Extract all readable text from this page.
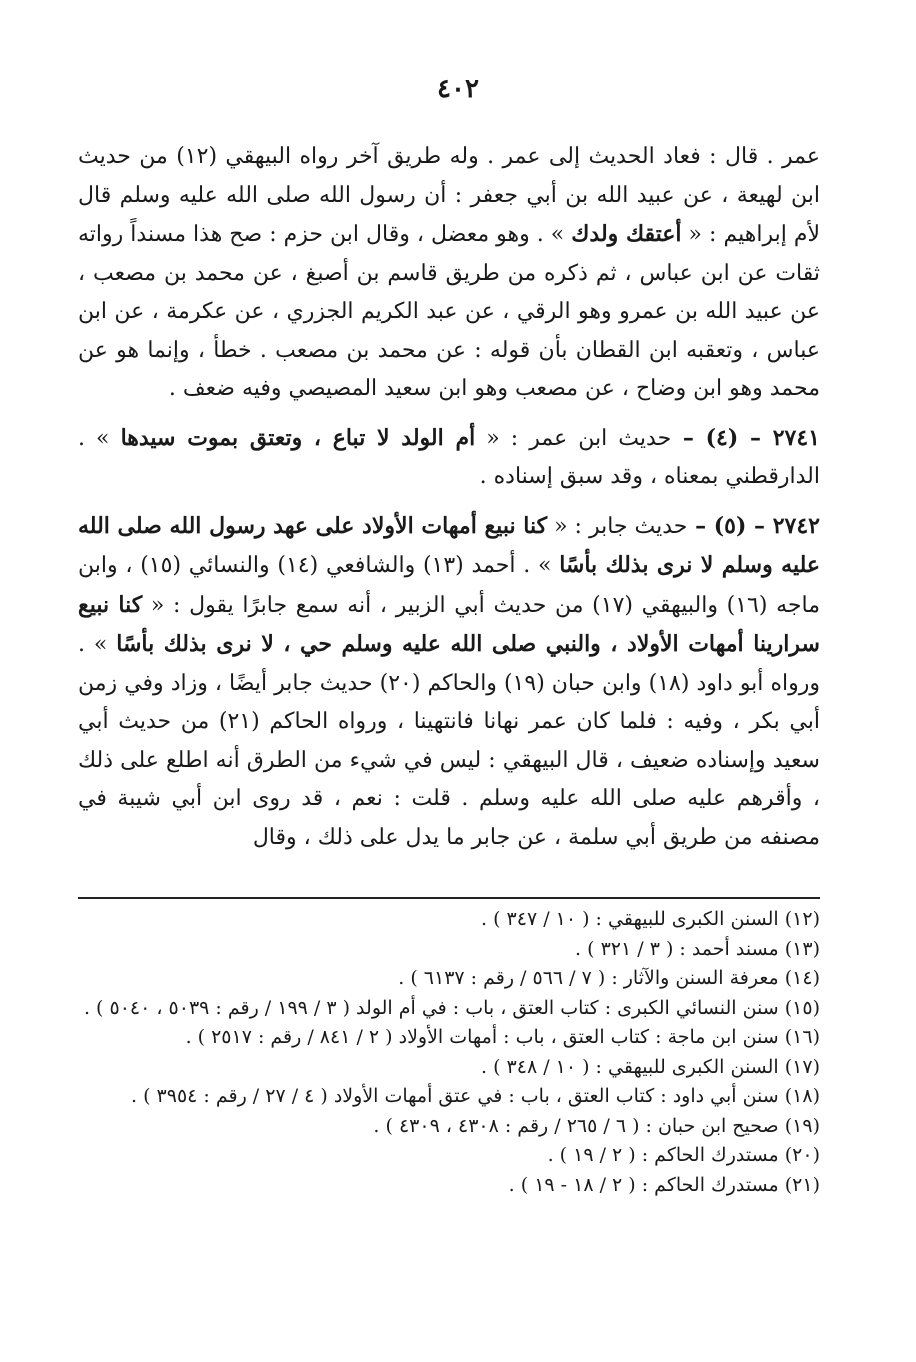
٤٠٢

عمر . قال : فعاد الحديث إلى عمر . وله طريق آخر رواه البيهقي (١٢) من حديث ابن لهيعة ، عن عبيد الله بن أبي جعفر : أن رسول الله صلى الله عليه وسلم قال لأم إبراهيم : « أعتقك ولدك » . وهو معضل ، وقال ابن حزم : صح هذا مسنداً رواته ثقات عن ابن عباس ، ثم ذكره من طريق قاسم بن أصبغ ، عن محمد بن مصعب ، عن عبيد الله بن عمرو وهو الرقي ، عن عبد الكريم الجزري ، عن عكرمة ، عن ابن عباس ، وتعقبه ابن القطان بأن قوله : عن محمد بن مصعب . خطأ ، وإنما هو عن محمد وهو ابن وضاح ، عن مصعب وهو ابن سعيد المصيصي وفيه ضعف .

٢٧٤١ – (٤) – حديث ابن عمر : « أم الولد لا تباع ، وتعتق بموت سيدها » . الدارقطني بمعناه ، وقد سبق إسناده .

٢٧٤٢ – (٥) – حديث جابر : « كنا نبيع أمهات الأولاد على عهد رسول الله صلى الله عليه وسلم لا نرى بذلك بأسًا » . أحمد (١٣) والشافعي (١٤) والنسائي (١٥) ، وابن ماجه (١٦) والبيهقي (١٧) من حديث أبي الزبير ، أنه سمع جابرًا يقول : « كنا نبيع سرارينا أمهات الأولاد ، والنبي صلى الله عليه وسلم حي ، لا نرى بذلك بأسًا » . ورواه أبو داود (١٨) وابن حبان (١٩) والحاكم (٢٠) حديث جابر أيضًا ، وزاد وفي زمن أبي بكر ، وفيه : فلما كان عمر نهانا فانتهينا ، ورواه الحاكم (٢١) من حديث أبي سعيد وإسناده ضعيف ، قال البيهقي : ليس في شيء من الطرق أنه اطلع على ذلك ، وأقرهم عليه صلى الله عليه وسلم . قلت : نعم ، قد روى ابن أبي شيبة في مصنفه من طريق أبي سلمة ، عن جابر ما يدل على ذلك ، وقال

(١٢) السنن الكبرى للبيهقي : ( ١٠ / ٣٤٧ ) .
(١٣) مسند أحمد : ( ٣ / ٣٢١ ) .
(١٤) معرفة السنن والآثار : ( ٧ / ٥٦٦ / رقم : ٦١٣٧ ) .
(١٥) سنن النسائي الكبرى : كتاب العتق ، باب : في أم الولد ( ٣ / ١٩٩ / رقم : ٥٠٣٩ ، ٥٠٤٠ ) .
(١٦) سنن ابن ماجة : كتاب العتق ، باب : أمهات الأولاد ( ٢ / ٨٤١ / رقم : ٢٥١٧ ) .
(١٧) السنن الكبرى للبيهقي : ( ١٠ / ٣٤٨ ) .
(١٨) سنن أبي داود : كتاب العتق ، باب : في عتق أمهات الأولاد ( ٤ / ٢٧ / رقم : ٣٩٥٤ ) .
(١٩) صحيح ابن حبان : ( ٦ / ٢٦٥ / رقم : ٤٣٠٨ ، ٤٣٠٩ ) .
(٢٠) مستدرك الحاكم : ( ٢ / ١٩ ) .
(٢١) مستدرك الحاكم : ( ٢ / ١٨ - ١٩ ) .
